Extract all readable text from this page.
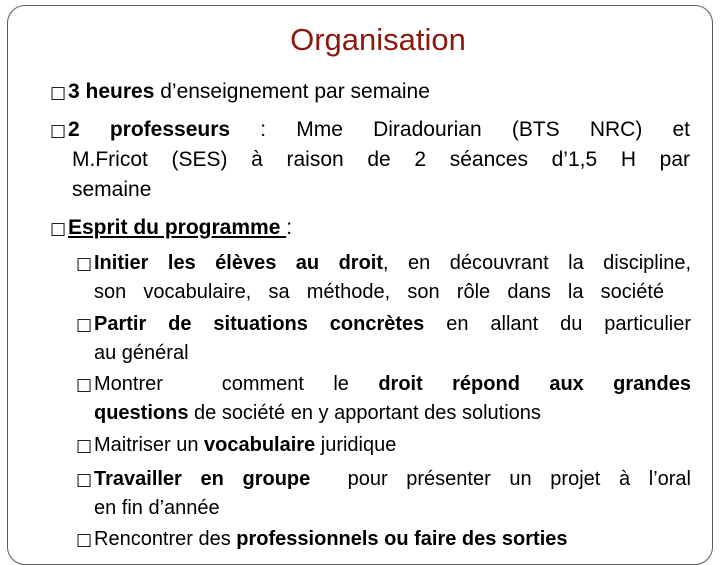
Organisation
□3 heures d’enseignement par semaine
□2 professeurs : Mme Diradourian (BTS NRC) et
M.Fricot (SES) à raison de 2 séances d’1,5 H par
semaine
□Esprit du programme :
□Initier les élèves au droit, en découvrant la discipline,
son vocabulaire, sa méthode, son rôle dans la société
□Partir de situations concrètes en allant du particulier
au général
□Montrer  comment le droit répond aux grandes
questions de société en y apportant des solutions
□Maitriser un vocabulaire juridique
□Travailler en groupe  pour présenter un projet à l’oral
en fin d’année
□Rencontrer des professionnels ou faire des sorties
